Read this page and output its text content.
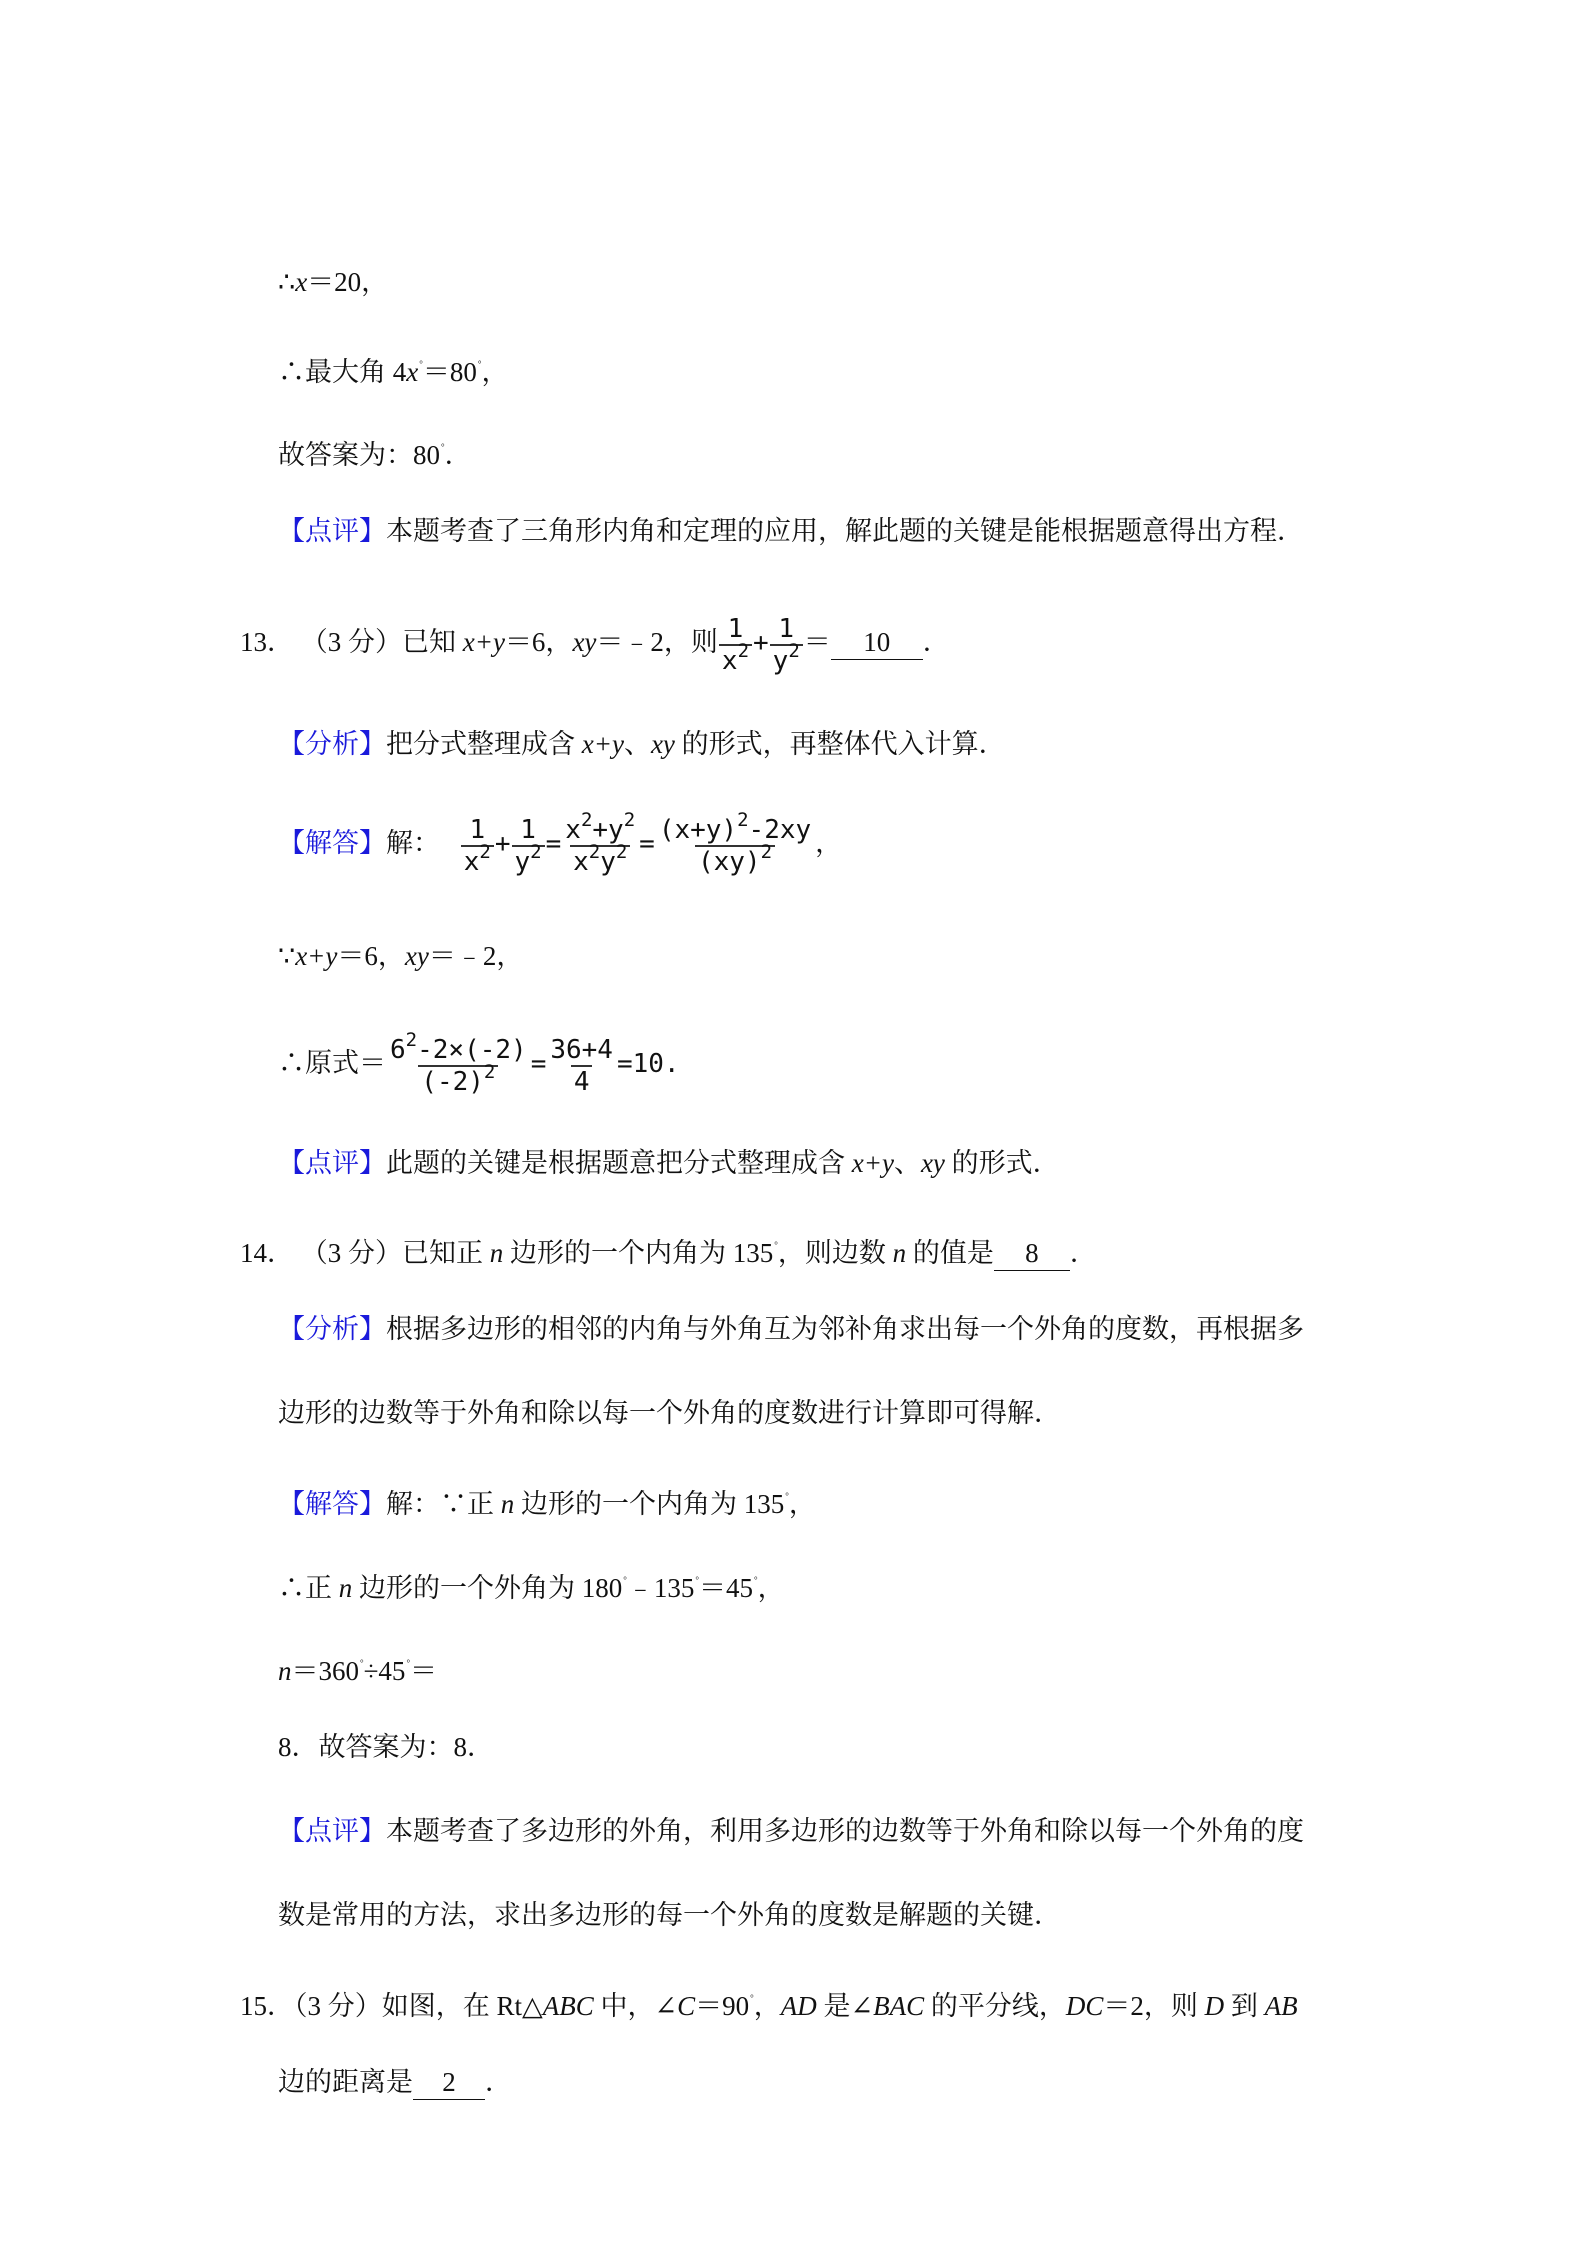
∴x＝20，
∴最大角 4x°＝80°，
故答案为：80°．
【点评】本题考查了三角形内角和定理的应用，解此题的关键是能根据题意得出方程．
13． （3 分）已知 x+y＝6，xy＝﹣2，则 $\frac{1}{x^2} + \frac{1}{y^2} = 10$ ．
【分析】把分式整理成含 x+y、xy 的形式，再整体代入计算．
【解答】解： $\frac{1}{x^2} + \frac{1}{y^2} = \frac{x^2+y^2}{x^2y^2} = \frac{(x+y)^2-2xy}{(xy)^2}$ ，
∵x+y＝6，xy＝﹣2，
∴原式＝ $\frac{6^2-2\times(-2)}{(-2)^2} = \frac{36+4}{4} =10$.
【点评】此题的关键是根据题意把分式整理成含 x+y、xy 的形式．
14． （3 分）已知正 n 边形的一个内角为 135°，则边数 n 的值是 8 ．
【分析】根据多边形的相邻的内角与外角互为邻补角求出每一个外角的度数，再根据多
边形的边数等于外角和除以每一个外角的度数进行计算即可得解．
【解答】解：∵正 n 边形的一个内角为 135°，
∴正 n 边形的一个外角为 180°﹣135°＝45°，
n＝360°÷45°＝
8．故答案为：8．
【点评】本题考查了多边形的外角，利用多边形的边数等于外角和除以每一个外角的度
数是常用的方法，求出多边形的每一个外角的度数是解题的关键．
15．（3 分）如图，在 Rt△ABC 中，∠C＝90°，AD 是∠BAC 的平分线，DC＝2，则 D 到 AB
边的距离是 2 ．
